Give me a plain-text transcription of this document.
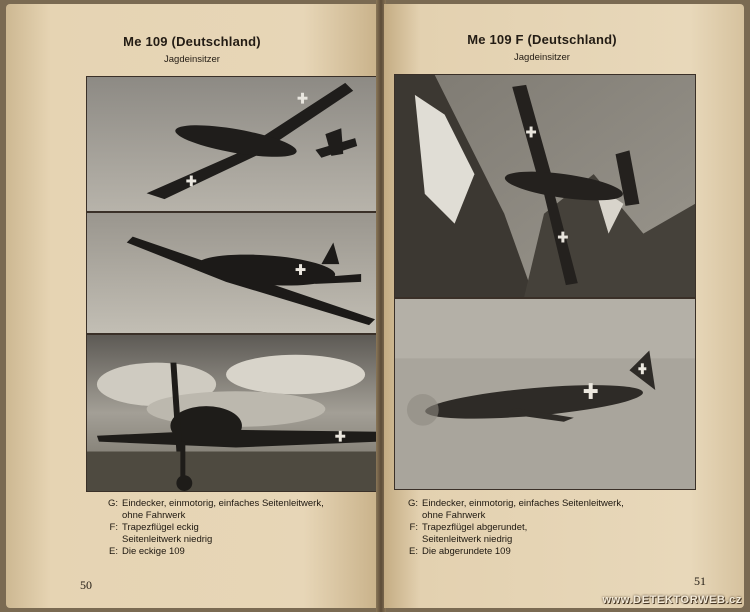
Me 109 (Deutschland)
Jagdeinsitzer
G: Eindecker, einmotorig, einfaches Seitenleitwerk,
ohne Fahrwerk
F: Trapezflügel eckig
Seitenleitwerk niedrig
E: Die eckige 109
50
Me 109 F (Deutschland)
Jagdeinsitzer
G: Eindecker, einmotorig, einfaches Seitenleitwerk,
ohne Fahrwerk
F: Trapezflügel abgerundet,
Seitenleitwerk niedrig
E: Die abgerundete 109
51
www.DETEKTORWEB.cz
